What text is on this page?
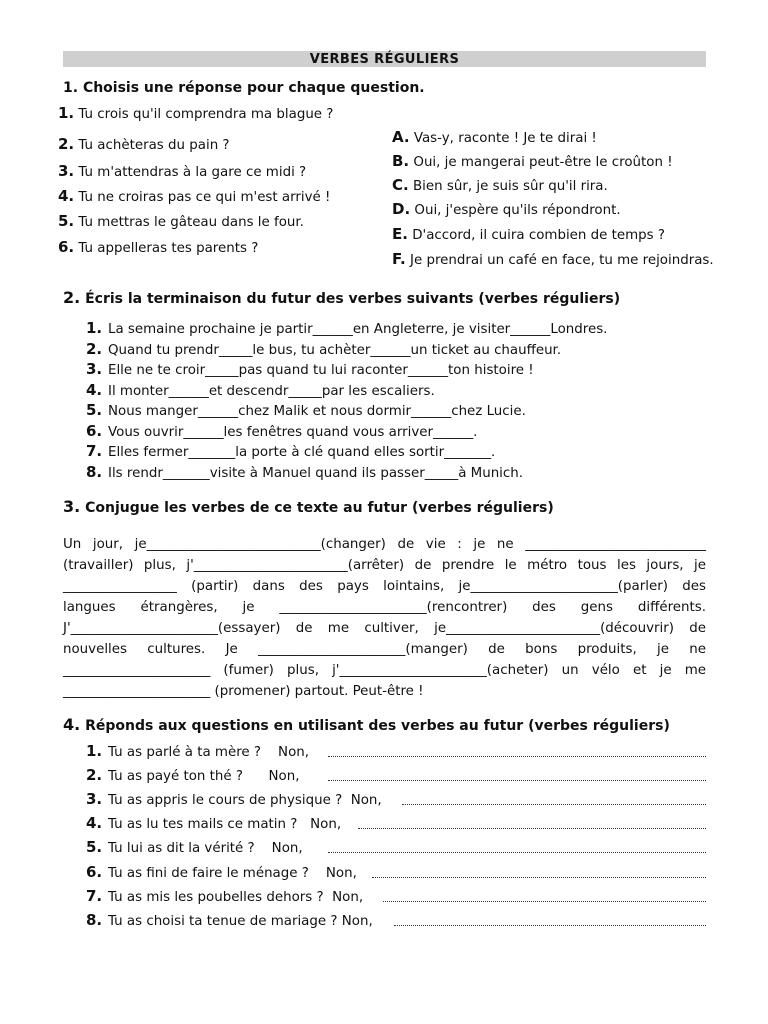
VERBES RÉGULIERS
1. Choisis une réponse pour chaque question.
1. Tu crois qu'il comprendra ma blague ?
2. Tu achèteras du pain ?
3. Tu m'attendras à la gare ce midi ?
4. Tu ne croiras pas ce qui m'est arrivé !
5. Tu mettras le gâteau dans le four.
6. Tu appelleras tes parents ?
A. Vas-y, raconte ! Je te dirai !
B. Oui, je mangerai peut-être le croûton !
C. Bien sûr, je suis sûr qu'il rira.
D. Oui, j'espère qu'ils répondront.
E. D'accord, il cuira combien de temps ?
F. Je prendrai un café en face, tu me rejoindras.
2. Écris la terminaison du futur des verbes suivants (verbes réguliers)
1. La semaine prochaine je partir______en Angleterre, je visiter______Londres.
2. Quand tu prendr_____le bus, tu achèter______un ticket au chauffeur.
3. Elle ne te croir_____pas quand tu lui raconter______ton histoire !
4. Il monter______et descendr_____par les escaliers.
5. Nous manger______chez Malik et nous dormir______chez Lucie.
6. Vous ouvrir______les fenêtres quand vous arriver______.
7. Elles fermer_______la porte à clé quand elles sortir_______.
8. Ils rendr_______visite à Manuel quand ils passer_____à Munich.
3. Conjugue les verbes de ce texte au futur (verbes réguliers)
Un jour, je__________________________(changer) de vie : je ne ___________________________
(travailler) plus, j'_______________________(arrêter) de prendre le métro tous les jours, je
_________________ (partir) dans des pays lointains, je______________________(parler) des
langues étrangères, je ______________________(rencontrer) des gens différents.
J'______________________(essayer) de me cultiver, je_______________________(découvrir) de
nouvelles cultures. Je ______________________(manger) de bons produits, je ne
______________________ (fumer) plus, j'______________________(acheter) un vélo et je me
______________________ (promener) partout. Peut-être !
4. Réponds aux questions en utilisant des verbes au futur (verbes réguliers)
1. Tu as parlé à ta mère ?    Non,
2. Tu as payé ton thé ?      Non,
3. Tu as appris le cours de physique ?  Non,
4. Tu as lu tes mails ce matin ?   Non,
5. Tu lui as dit la vérité ?    Non,
6. Tu as fini de faire le ménage ?    Non,
7. Tu as mis les poubelles dehors ?  Non,
8. Tu as choisi ta tenue de mariage ? Non,
